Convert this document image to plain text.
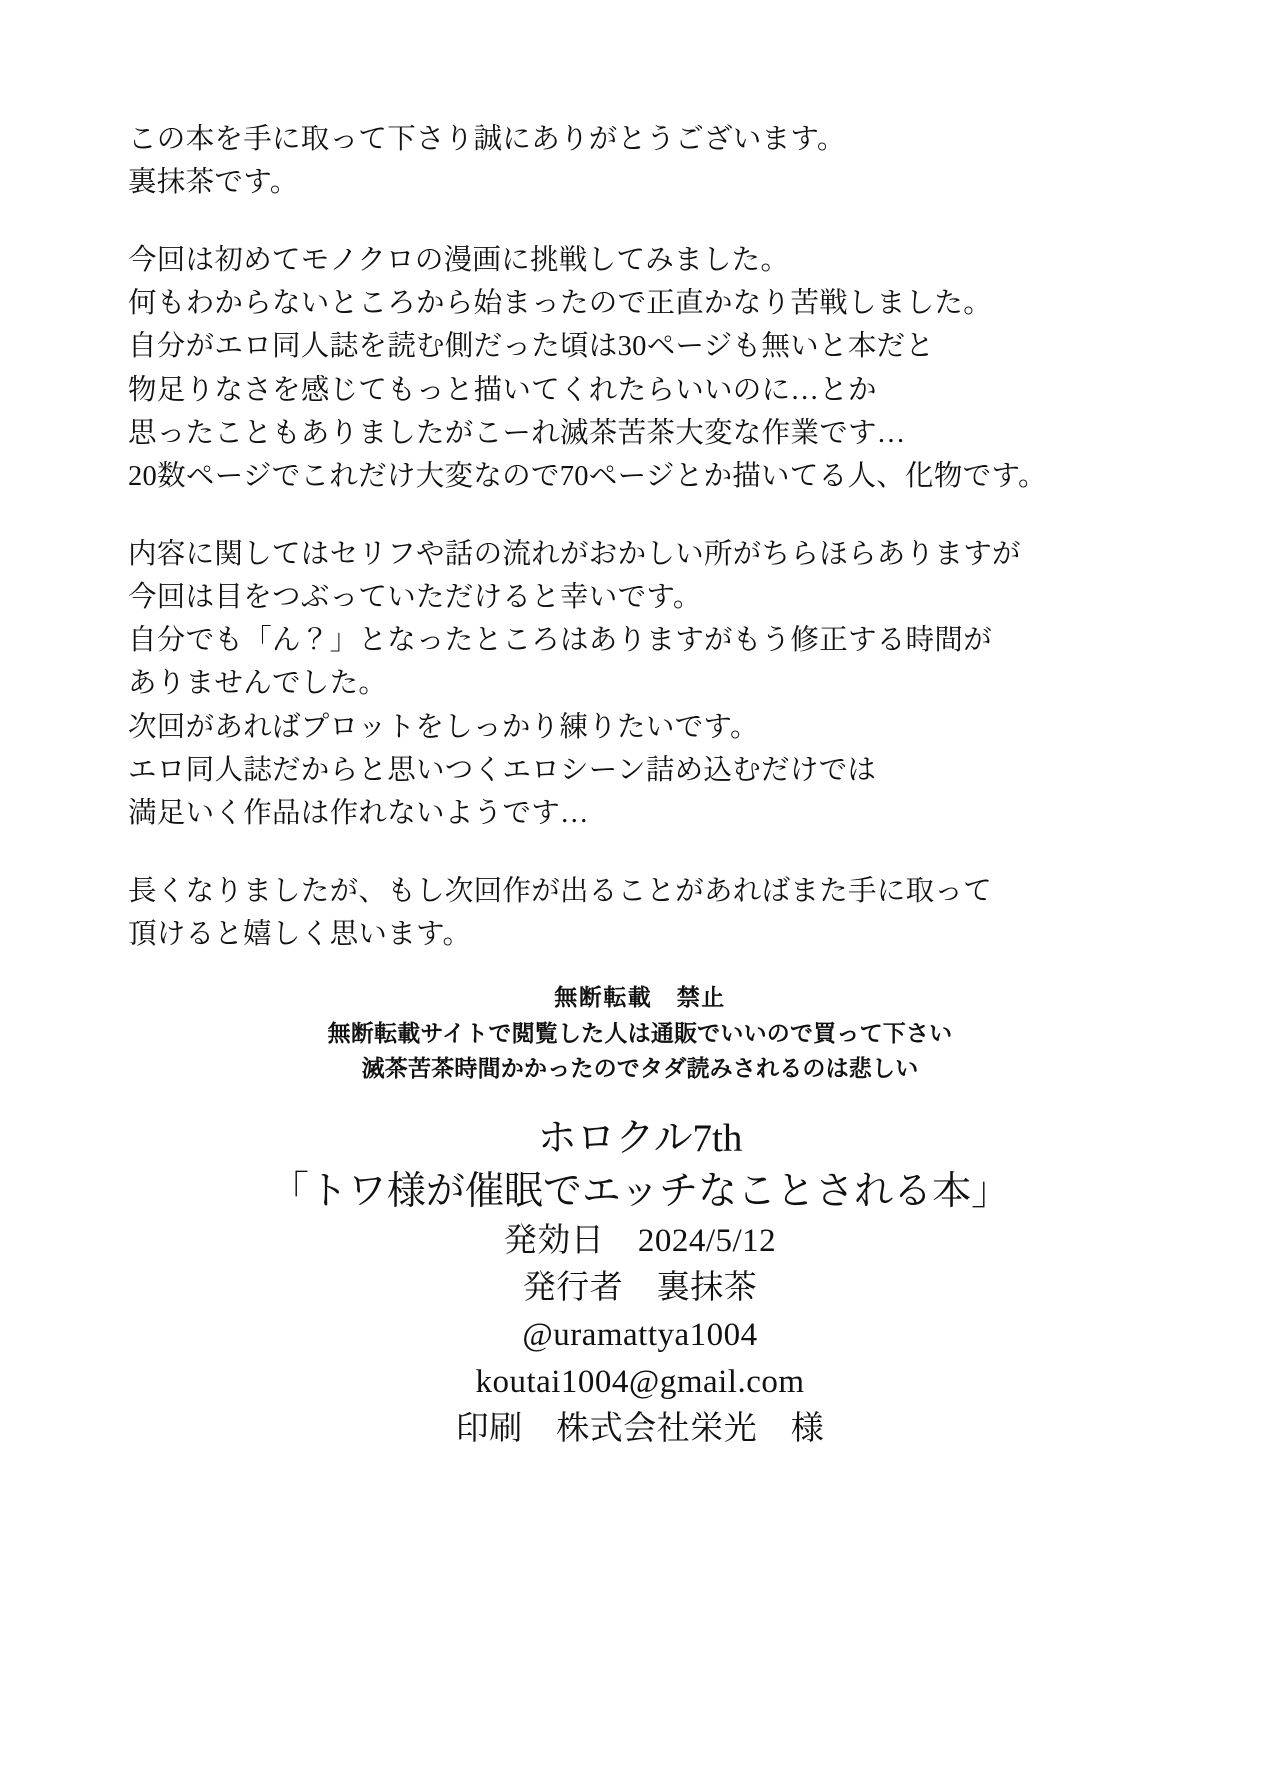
この本を手に取って下さり誠にありがとうございます。
裏抹茶です。
今回は初めてモノクロの漫画に挑戦してみました。
何もわからないところから始まったので正直かなり苦戦しました。
自分がエロ同人誌を読む側だった頃は30ページも無いと本だと
物足りなさを感じてもっと描いてくれたらいいのに…とか
思ったこともありましたがこーれ滅茶苦茶大変な作業です…
20数ページでこれだけ大変なので70ページとか描いてる人、化物です。
内容に関してはセリフや話の流れがおかしい所がちらほらありますが
今回は目をつぶっていただけると幸いです。
自分でも「ん？」となったところはありますがもう修正する時間が
ありませんでした。
次回があればプロットをしっかり練りたいです。
エロ同人誌だからと思いつくエロシーン詰め込むだけでは
満足いく作品は作れないようです…
長くなりましたが、もし次回作が出ることがあればまた手に取って
頂けると嬉しく思います。
無断転載　禁止
無断転載サイトで閲覧した人は通販でいいので買って下さい
滅茶苦茶時間かかったのでタダ読みされるのは悲しい
ホロクル7th
「トワ様が催眠でエッチなことされる本」
発効日　2024/5/12
発行者　裏抹茶
@uramattya1004
koutai1004@gmail.com
印刷　株式会社栄光　様
